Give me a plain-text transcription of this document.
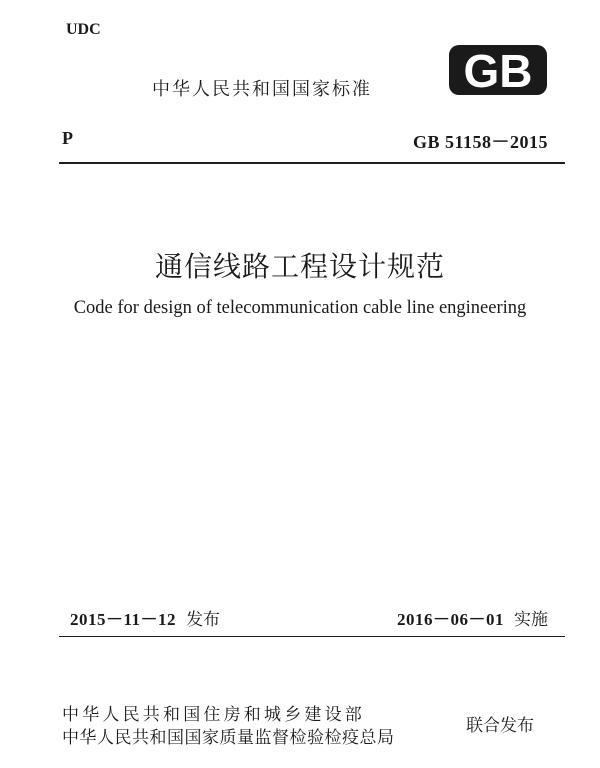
UDC

中华人民共和国国家标准 GB

P	GB 51158－2015

通信线路工程设计规范

Code for design of telecommunication cable line engineering

2015－11－12 发布	2016－06－01 实施

中华人民共和国住房和城乡建设部

中华人民共和国国家质量监督检验检疫总局

联合发布
